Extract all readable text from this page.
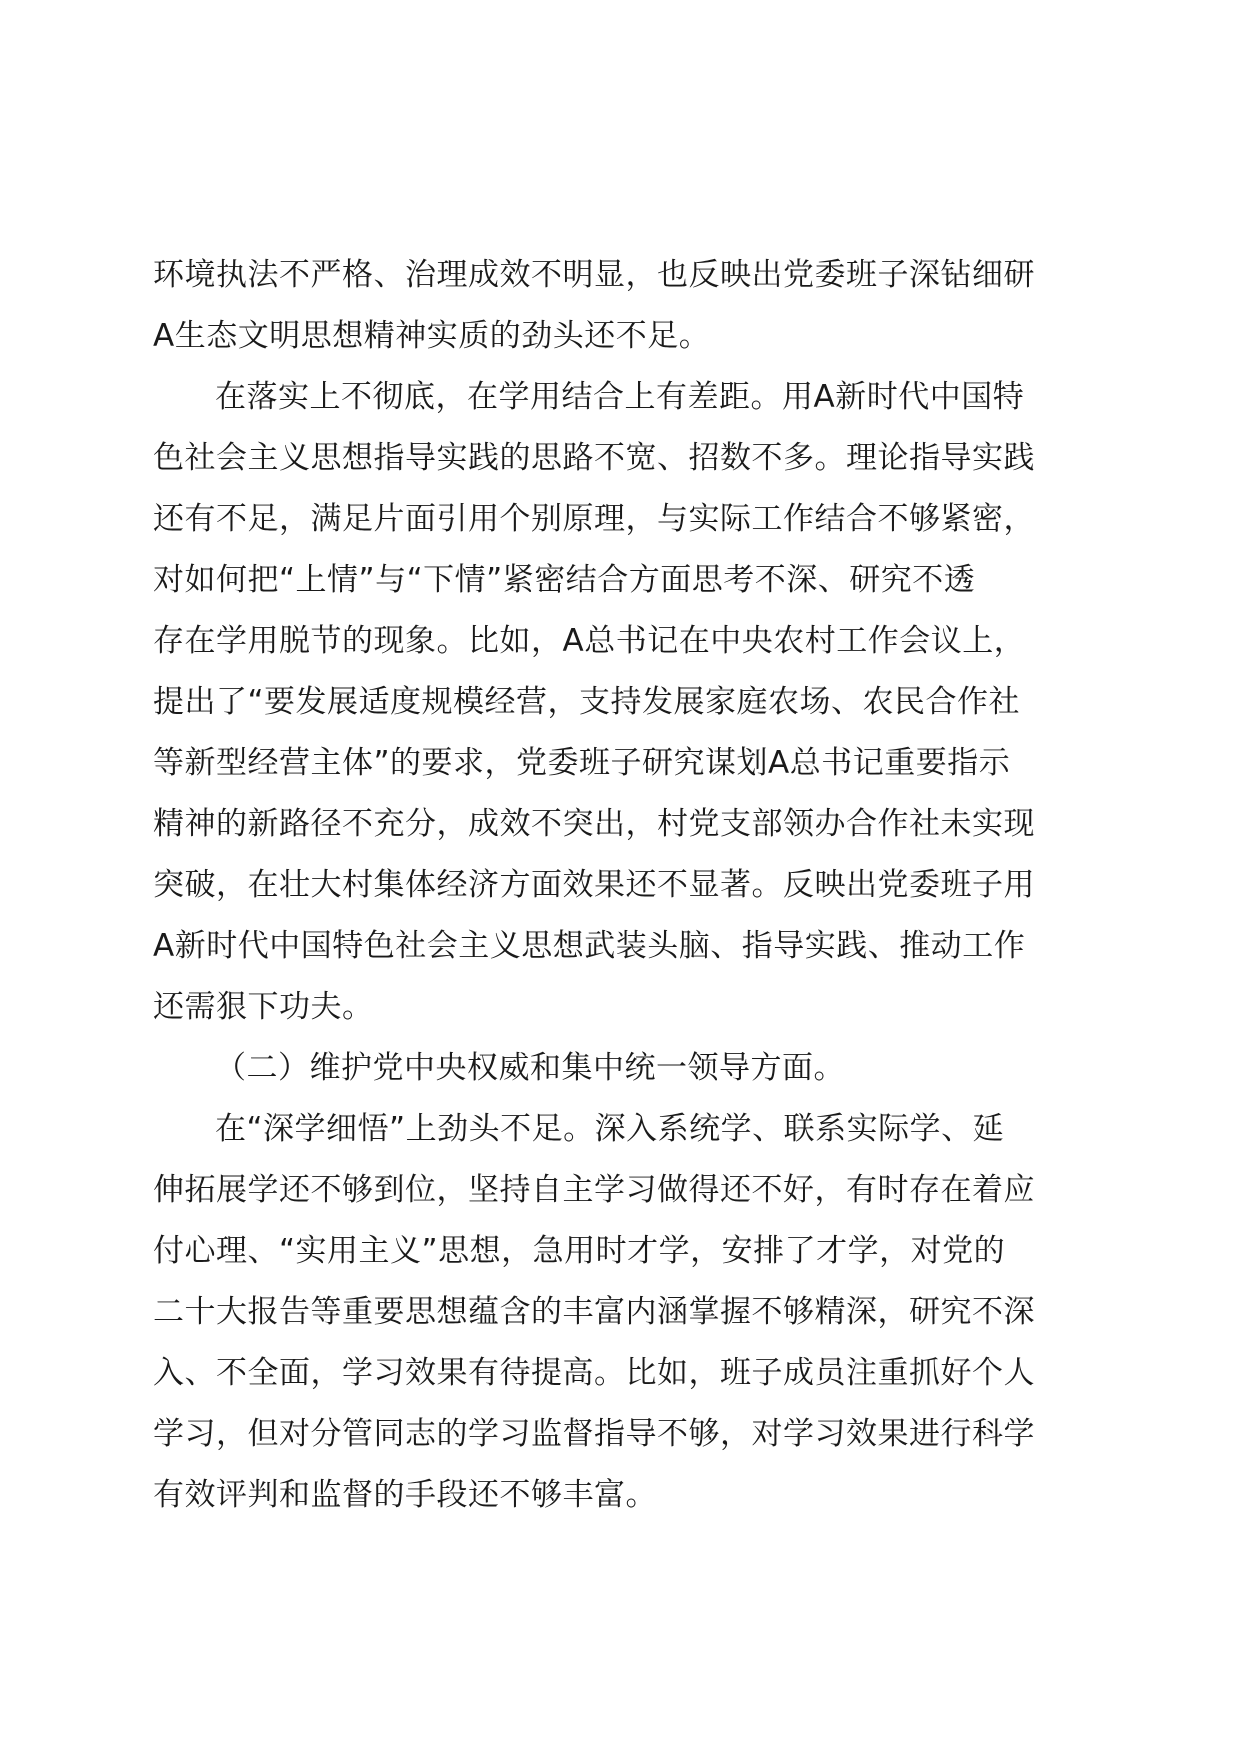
环境执法不严格、治理成效不明显，也反映出党委班子深钻细研
A生态文明思想精神实质的劲头还不足。
在落实上不彻底，在学用结合上有差距。用A新时代中国特
色社会主义思想指导实践的思路不宽、招数不多。理论指导实践
还有不足，满足片面引用个别原理，与实际工作结合不够紧密，
对如何把“上情”与“下情”紧密结合方面思考不深、研究不透
存在学用脱节的现象。比如，A总书记在中央农村工作会议上，
提出了“要发展适度规模经营，支持发展家庭农场、农民合作社
等新型经营主体”的要求，党委班子研究谋划A总书记重要指示
精神的新路径不充分，成效不突出，村党支部领办合作社未实现
突破，在壮大村集体经济方面效果还不显著。反映出党委班子用
A新时代中国特色社会主义思想武装头脑、指导实践、推动工作
还需狠下功夫。
（二）维护党中央权威和集中统一领导方面。
在“深学细悟”上劲头不足。深入系统学、联系实际学、延
伸拓展学还不够到位，坚持自主学习做得还不好，有时存在着应
付心理、“实用主义”思想，急用时才学，安排了才学，对党的
二十大报告等重要思想蕴含的丰富内涵掌握不够精深，研究不深
入、不全面，学习效果有待提高。比如，班子成员注重抓好个人
学习，但对分管同志的学习监督指导不够，对学习效果进行科学
有效评判和监督的手段还不够丰富。
